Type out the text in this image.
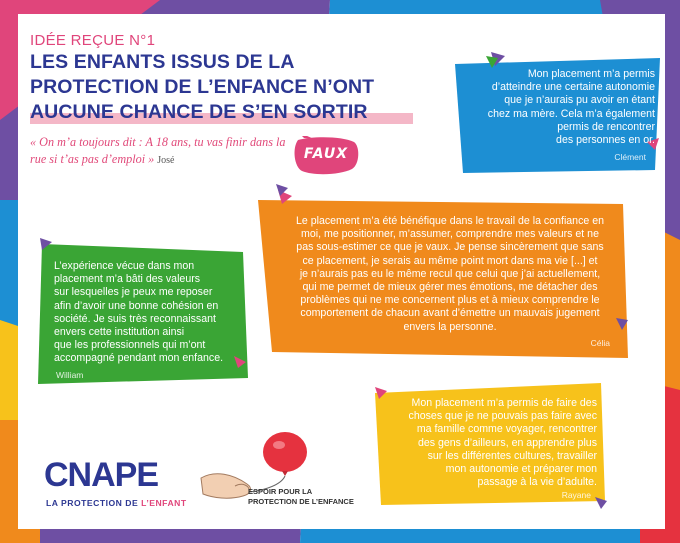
IDÉE REÇUE N°1
LES ENFANTS ISSUS DE LA
PROTECTION DE L’ENFANCE N’ONT
AUCUNE CHANCE DE S’EN SORTIR
« On m’a toujours dit : A 18 ans, tu vas finir dans la rue si t’as pas d’emploi » José	FAUX
Mon placement m’a permis
d’atteindre une certaine autonomie
que je n’aurais pu avoir en étant
chez ma mère. Cela m’a également
permis de rencontrer
des personnes en or.
Clément
Le placement m’a été bénéfique dans le travail de la confiance en
moi, me positionner, m’assumer, comprendre mes valeurs et ne
pas sous-estimer ce que je vaux. Je pense sincèrement que sans
ce placement, je serais au même point mort dans ma vie [...] et
je n’aurais pas eu le même recul que celui que j’ai actuellement,
qui me permet de mieux gérer mes émotions, me détacher des
problèmes qui ne me concernent plus et à mieux comprendre le
comportement de chacun avant d’émettre un mauvais jugement
envers la personne.
Célia
L’expérience vécue dans mon
placement m’a bâti des valeurs
sur lesquelles je peux me reposer
afin d’avoir une bonne cohésion en
société. Je suis très reconnaissant
envers cette institution ainsi
que les professionnels qui m’ont
accompagné pendant mon enfance.
William
Mon placement m’a permis de faire des
choses que je ne pouvais pas faire avec
ma famille comme voyager, rencontrer
des gens d’ailleurs, en apprendre plus
sur les différentes cultures, travailler
mon autonomie et préparer mon
passage à la vie d’adulte.
Rayane
CNAPE
LA PROTECTION DE L’ENFANT
ESPOIR POUR LA
PROTECTION DE L’ENFANCE
